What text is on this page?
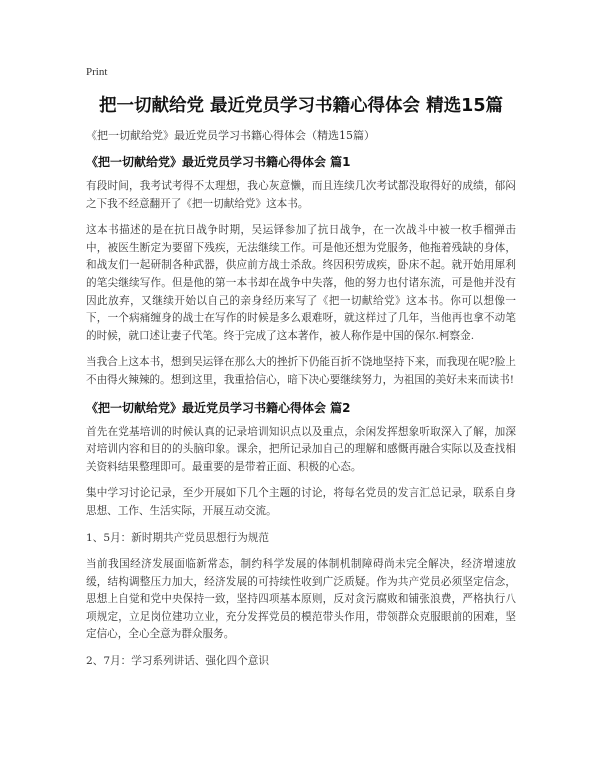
Print
把一切献给党 最近党员学习书籍心得体会 精选15篇
《把一切献给党》最近党员学习书籍心得体会（精选15篇）
《把一切献给党》最近党员学习书籍心得体会 篇1

有段时间，我考试考得不太理想，我心灰意懒，而且连续几次考试都没取得好的成绩，郁闷之下我不经意翻开了《把一切献给党》这本书。

这本书描述的是在抗日战争时期，吴运铎参加了抗日战争，在一次战斗中被一枚手榴弹击中，被医生断定为要留下残疾，无法继续工作。可是他还想为党服务，他拖着残缺的身体，和战友们一起研制各种武器，供应前方战士杀敌。终因积劳成疾，卧床不起。就开始用犀利的笔尖继续写作。但是他的第一本书却在战争中失落，他的努力也付诸东流，可是他并没有因此放弃，又继续开始以自己的亲身经历来写了《把一切献给党》这本书。你可以想像一下，一个病痛缠身的战士在写作的时候是多么艰难呀，就这样过了几年，当他再也拿不动笔的时候，就口述让妻子代笔。终于完成了这本著作，被人称作是中国的保尔.柯察金.

当我合上这本书，想到吴运铎在那么大的挫折下仍能百折不饶地坚持下来，而我现在呢?脸上不由得火辣辣的。想到这里，我重拾信心，暗下决心要继续努力，为祖国的美好未来而读书!

《把一切献给党》最近党员学习书籍心得体会 篇2

首先在党基培训的时候认真的记录培训知识点以及重点，余闲发挥想象听取深入了解，加深对培训内容和目的的头脑印象。课余，把所记录加自己的理解和感慨再融合实际以及查找相关资料结果整理即可。最重要的是带着正面、积极的心态。

集中学习讨论记录，至少开展如下几个主题的讨论，将每名党员的发言汇总记录，联系自身思想、工作、生活实际，开展互动交流。

1、5月：新时期共产党员思想行为规范

当前我国经济发展面临新常态，制约科学发展的体制机制障碍尚未完全解决，经济增速放缓，结构调整压力加大，经济发展的可持续性收到广泛质疑。作为共产党员必须坚定信念，思想上自觉和党中央保持一致，坚持四项基本原则，反对贪污腐败和铺张浪费，严格执行八项规定，立足岗位建功立业，充分发挥党员的模范带头作用，带领群众克服眼前的困难，坚定信心，全心全意为群众服务。

2、7月：学习系列讲话、强化四个意识
